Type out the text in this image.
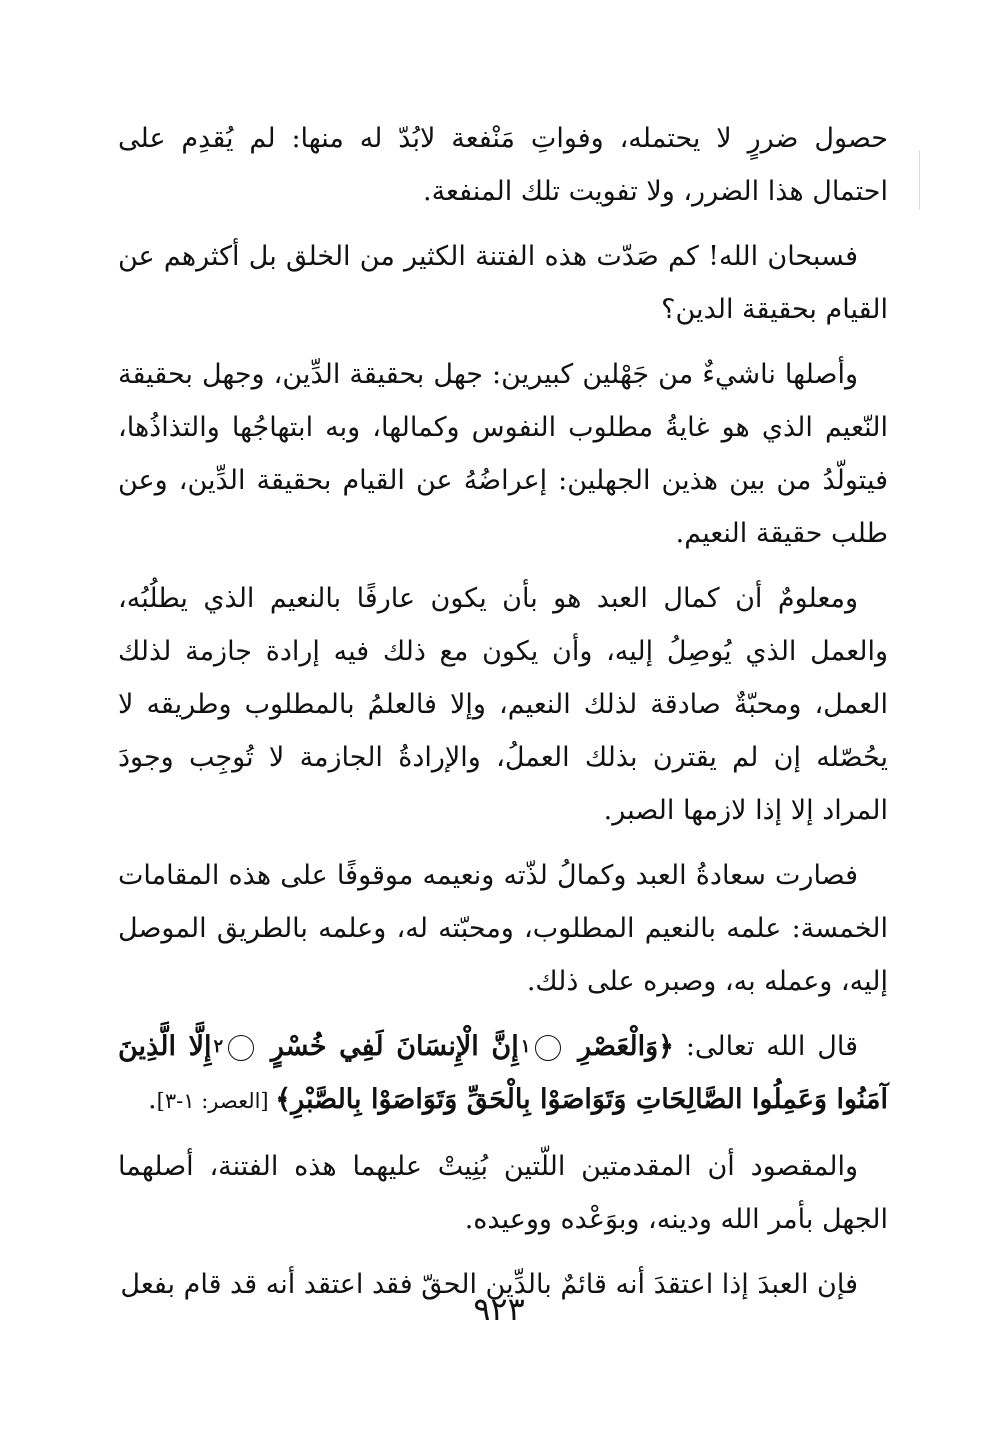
حصول ضررٍ لا يحتمله، وفواتِ مَنْفعة لابُدّ له منها: لم يُقدِم على احتمال هذا الضرر، ولا تفويت تلك المنفعة.

فسبحان الله! كم صَدّت هذه الفتنة الكثير من الخلق بل أكثرهم عن القيام بحقيقة الدين؟

وأصلها ناشيءٌ من جَهْلين كبيرين: جهل بحقيقة الدِّين، وجهل بحقيقة النّعيم الذي هو غايةُ مطلوب النفوس وكمالها، وبه ابتهاجُها والتذاذُها، فيتولّدُ من بين هذين الجهلين: إعراضُهُ عن القيام بحقيقة الدِّين، وعن طلب حقيقة النعيم.

ومعلومٌ أن كمال العبد هو بأن يكون عارفًا بالنعيم الذي يطلُبُه، والعمل الذي يُوصِلُ إليه، وأن يكون مع ذلك فيه إرادة جازمة لذلك العمل، ومحبّةٌ صادقة لذلك النعيم، وإلا فالعلمُ بالمطلوب وطريقه لا يحُصّله إن لم يقترن بذلك العملُ، والإرادةُ الجازمة لا تُوجِب وجودَ المراد إلا إذا لازمها الصبر.

فصارت سعادةُ العبد وكمالُ لذّته ونعيمه موقوفًا على هذه المقامات الخمسة: علمه بالنعيم المطلوب، ومحبّته له، وعلمه بالطريق الموصل إليه، وعمله به، وصبره على ذلك.

قال الله تعالى: ﴿وَالْعَصْرِ ١ إِنَّ الْإِنسَانَ لَفِي خُسْرٍ ٢ إِلَّا الَّذِينَ آمَنُوا وَعَمِلُوا الصَّالِحَاتِ وَتَوَاصَوْا بِالْحَقِّ وَتَوَاصَوْا بِالصَّبْرِ﴾ [العصر: ١-٣].

والمقصود أن المقدمتين اللّتين بُنِيتْ عليهما هذه الفتنة، أصلهما الجهل بأمر الله ودينه، وبوَعْده ووعيده.

فإن العبدَ إذا اعتقدَ أنه قائمٌ بالدِّين الحقّ فقد اعتقد أنه قد قام بفعل

٩٢٣
